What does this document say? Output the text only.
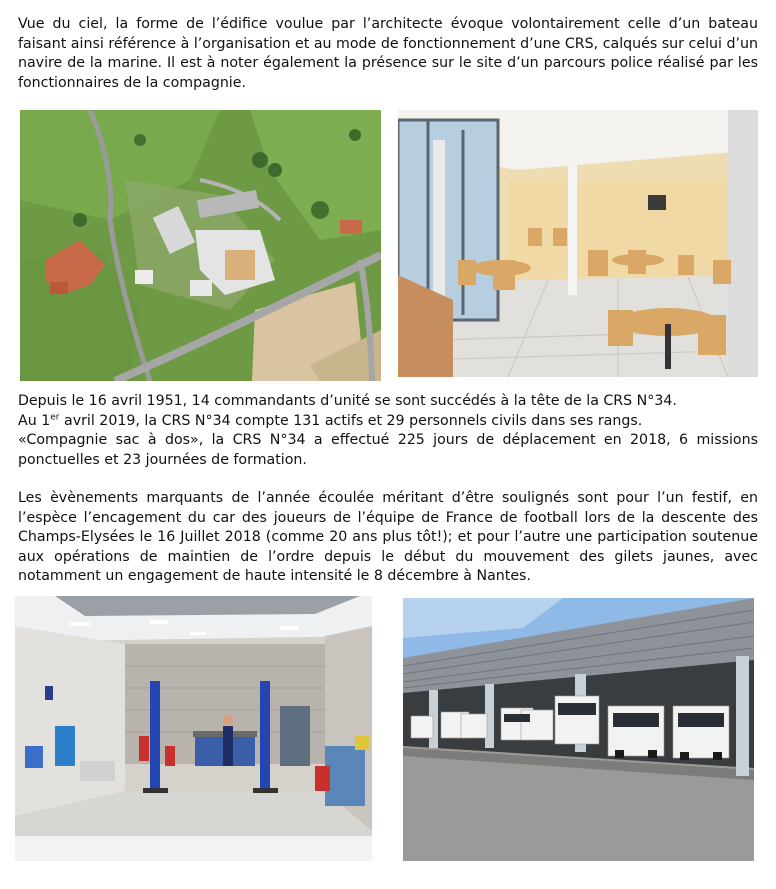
Vue du ciel, la forme de l’édifice voulue par l’architecte évoque volontairement celle d’un bateau faisant ainsi référence à l’organisation et au mode de fonctionnement d’une CRS, calqués sur celui d’un navire de la marine. Il est à noter également la présence sur le site d’un parcours police réalisé par les fonctionnaires de la compagnie.

Depuis le 16 avril 1951, 14 commandants d’unité se sont succédés à la tête de la CRS N°34.
Au 1er avril 2019, la CRS N°34 compte 131 actifs et 29 personnels civils dans ses rangs.
«Compagnie sac à dos», la CRS N°34 a effectué 225 jours de déplacement en 2018, 6 missions ponctuelles et 23 journées de formation.

Les èvènements marquants de l’année écoulée méritant d’être soulignés sont pour l’un festif, en l’espèce l’encagement du car des joueurs de l’équipe de France de football lors de la descente des Champs-Elysées le 16 Juillet 2018 (comme 20 ans plus tôt!); et pour l’autre une participation soutenue aux opérations de maintien de l’ordre depuis le début du mouvement des gilets jaunes, avec notamment un engagement de haute intensité le 8 décembre à Nantes.
